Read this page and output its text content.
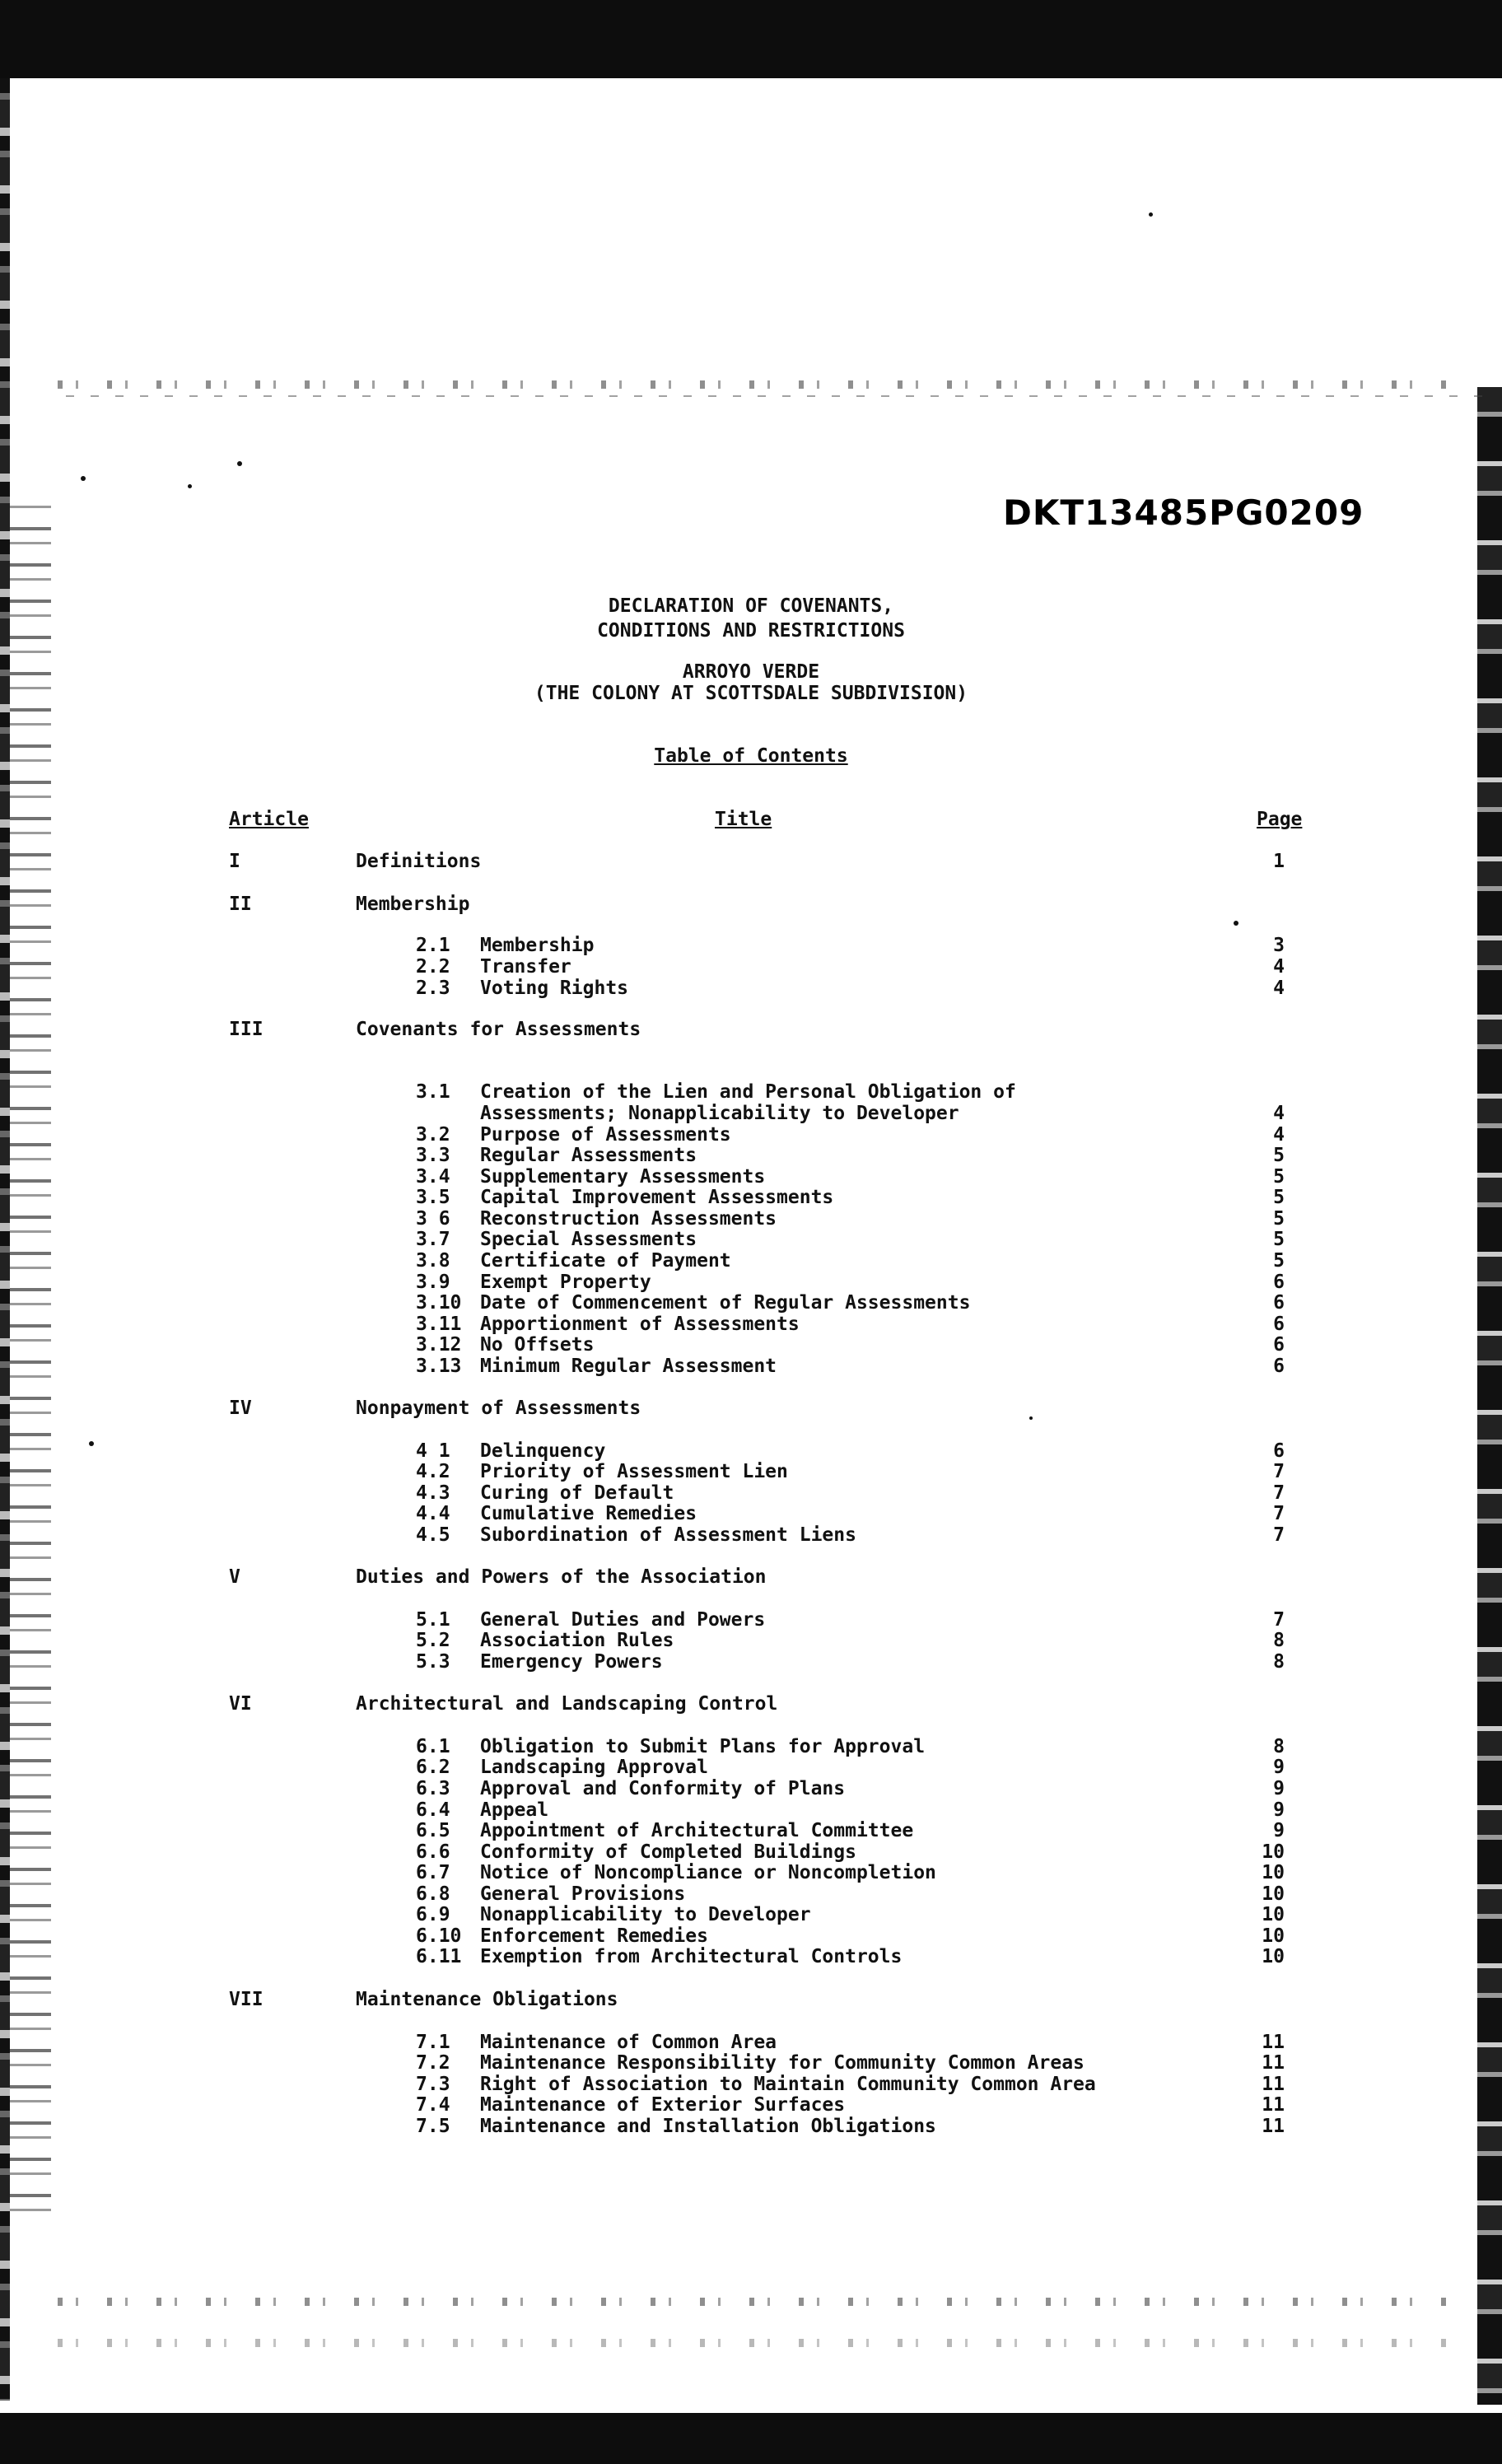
DKT13485PG0209
DECLARATION OF COVENANTS,
CONDITIONS AND RESTRICTIONS
ARROYO VERDE
(THE COLONY AT SCOTTSDALE SUBDIVISION)
Table of Contents
Article	Title	Page
I	Definitions	1
II	Membership
2.1 Membership	3
2.2 Transfer	4
2.3 Voting Rights	4
III	Covenants for Assessments
3.1 Creation of the Lien and Personal Obligation of
Assessments; Nonapplicability to Developer	4
3.2 Purpose of Assessments	4
3.3 Regular Assessments	5
3.4 Supplementary Assessments	5
3.5 Capital Improvement Assessments	5
3 6 Reconstruction Assessments	5
3.7 Special Assessments	5
3.8 Certificate of Payment	5
3.9 Exempt Property	6
3.10 Date of Commencement of Regular Assessments	6
3.11 Apportionment of Assessments	6
3.12 No Offsets	6
3.13 Minimum Regular Assessment	6
IV	Nonpayment of Assessments
4 1 Delinquency	6
4.2 Priority of Assessment Lien	7
4.3 Curing of Default	7
4.4 Cumulative Remedies	7
4.5 Subordination of Assessment Liens	7
V	Duties and Powers of the Association
5.1 General Duties and Powers	7
5.2 Association Rules	8
5.3 Emergency Powers	8
VI	Architectural and Landscaping Control
6.1 Obligation to Submit Plans for Approval	8
6.2 Landscaping Approval	9
6.3 Approval and Conformity of Plans	9
6.4 Appeal	9
6.5 Appointment of Architectural Committee	9
6.6 Conformity of Completed Buildings	10
6.7 Notice of Noncompliance or Noncompletion	10
6.8 General Provisions	10
6.9 Nonapplicability to Developer	10
6.10 Enforcement Remedies	10
6.11 Exemption from Architectural Controls	10
VII	Maintenance Obligations
7.1 Maintenance of Common Area	11
7.2 Maintenance Responsibility for Community Common Areas	11
7.3 Right of Association to Maintain Community Common Area	11
7.4 Maintenance of Exterior Surfaces	11
7.5 Maintenance and Installation Obligations	11
